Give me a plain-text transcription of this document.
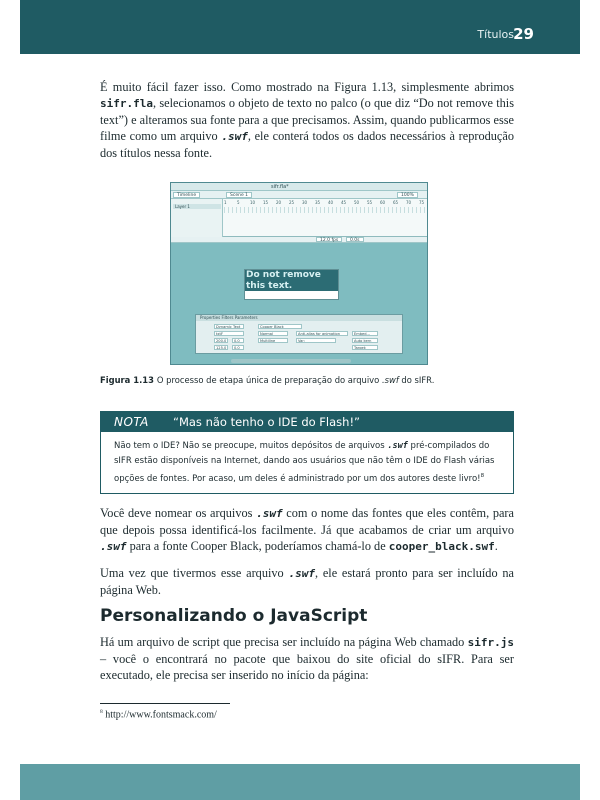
Títulos 29

É muito fácil fazer isso. Como mostrado na Figura 1.13, simplesmente abrimos sifr.fla, selecionamos o objeto de texto no palco (o que diz “Do not remove this text”) e alteramos sua fonte para a que precisamos. Assim, quando publicarmos esse filme como um arquivo .swf, ele conterá todos os dados necessários à reprodução dos títulos nessa fonte.

sifr.fla*
Timeline	Scene 1	100%
Layer 1
1	5	10 15 20 25 30 35 40 45 50 55 60 65 70 75
12.0 fps	0.0s
Do not remove this text.
Properties Filters Parameters
Dynamic Text
txtF
Cooper Black
Normal	Anti-alias for animation	Embed...
200.0	0.0
125.0	0.0
Multiline	Var:	Auto kern
Target:

Figura 1.13 O processo de etapa única de preparação do arquivo .swf do sIFR.

NOTA “Mas não tenho o IDE do Flash!”

Não tem o IDE? Não se preocupe, muitos depósitos de arquivos .swf pré-compilados do sIFR estão disponíveis na Internet, dando aos usuários que não têm o IDE do Flash várias opções de fontes. Por acaso, um deles é administrado por um dos autores deste livro!$^8$

Você deve nomear os arquivos .swf com o nome das fontes que eles contêm, para que depois possa identificá-los facilmente. Já que acabamos de criar um arquivo .swf para a fonte Cooper Black, poderíamos chamá-lo de cooper_black.swf.

Uma vez que tivermos esse arquivo .swf, ele estará pronto para ser incluído na página Web.

Personalizando o JavaScript

Há um arquivo de script que precisa ser incluído na página Web chamado sifr.js – você o encontrará no pacote que baixou do site oficial do sIFR. Para ser executado, ele precisa ser inserido no início da página:

$^8$ http://www.fontsmack.com/
